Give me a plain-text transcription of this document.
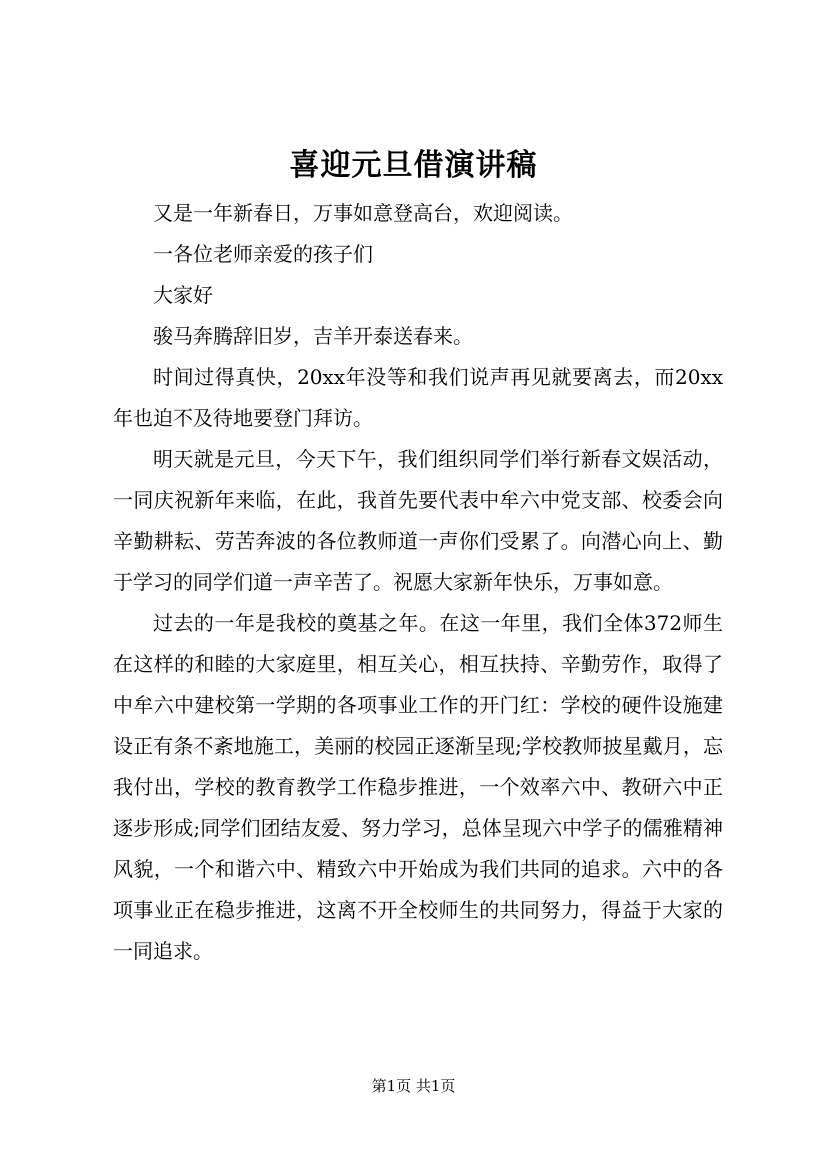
喜迎元旦借演讲稿

又是一年新春日，万事如意登高台，欢迎阅读。

一各位老师亲爱的孩子们

大家好

骏马奔腾辞旧岁，吉羊开泰送春来。

时间过得真快，20xx年没等和我们说声再见就要离去，而20xx年也迫不及待地要登门拜访。

明天就是元旦，今天下午，我们组织同学们举行新春文娱活动，一同庆祝新年来临，在此，我首先要代表中牟六中党支部、校委会向辛勤耕耘、劳苦奔波的各位教师道一声你们受累了。向潜心向上、勤于学习的同学们道一声辛苦了。祝愿大家新年快乐，万事如意。

过去的一年是我校的奠基之年。在这一年里，我们全体372师生在这样的和睦的大家庭里，相互关心，相互扶持、辛勤劳作，取得了中牟六中建校第一学期的各项事业工作的开门红：学校的硬件设施建设正有条不紊地施工，美丽的校园正逐渐呈现;学校教师披星戴月，忘我付出，学校的教育教学工作稳步推进，一个效率六中、教研六中正逐步形成;同学们团结友爱、努力学习，总体呈现六中学子的儒雅精神风貌，一个和谐六中、精致六中开始成为我们共同的追求。六中的各项事业正在稳步推进，这离不开全校师生的共同努力，得益于大家的一同追求。

第1页 共1页
